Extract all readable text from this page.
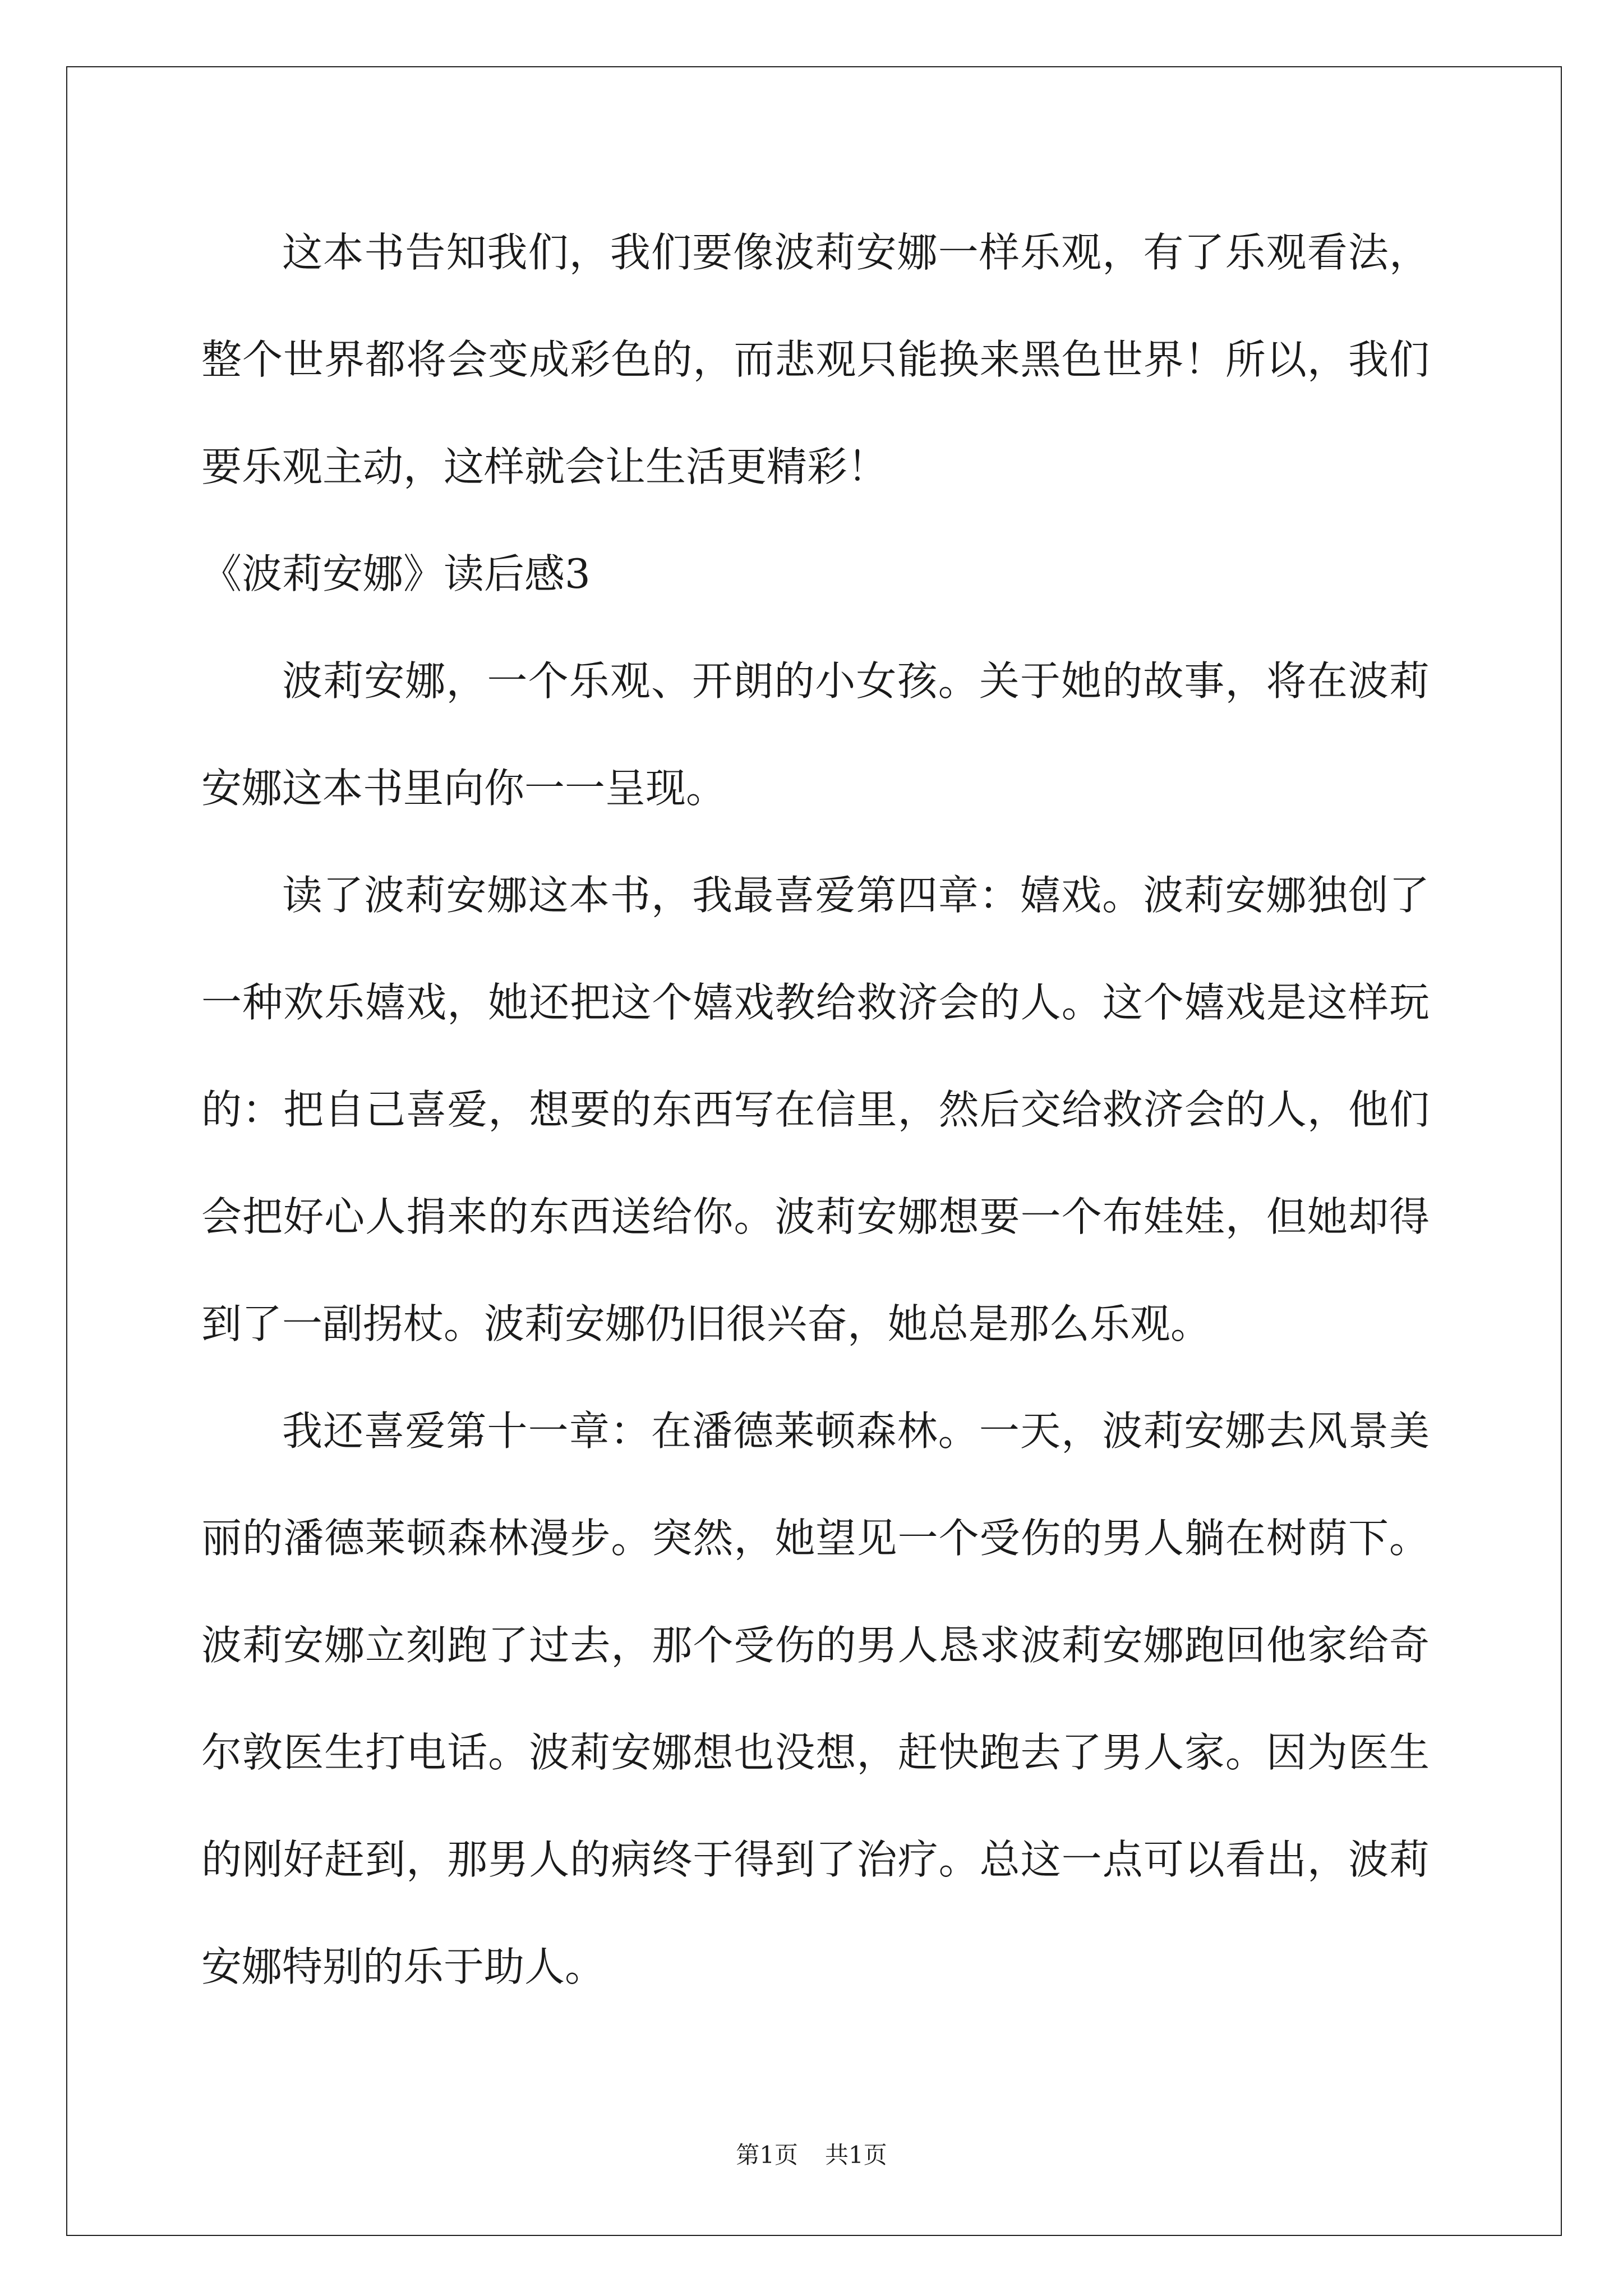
这本书告知我们，我们要像波莉安娜一样乐观，有了乐观看法，
整个世界都将会变成彩色的，而悲观只能换来黑色世界！所以，我们
要乐观主动，这样就会让生活更精彩！
《波莉安娜》读后感3
波莉安娜，一个乐观、开朗的小女孩。关于她的故事，将在波莉
安娜这本书里向你一一呈现。
读了波莉安娜这本书，我最喜爱第四章：嬉戏。波莉安娜独创了
一种欢乐嬉戏，她还把这个嬉戏教给救济会的人。这个嬉戏是这样玩
的：把自己喜爱，想要的东西写在信里，然后交给救济会的人，他们
会把好心人捐来的东西送给你。波莉安娜想要一个布娃娃，但她却得
到了一副拐杖。波莉安娜仍旧很兴奋，她总是那么乐观。
我还喜爱第十一章：在潘德莱顿森林。一天，波莉安娜去风景美
丽的潘德莱顿森林漫步。突然，她望见一个受伤的男人躺在树荫下。
波莉安娜立刻跑了过去，那个受伤的男人恳求波莉安娜跑回他家给奇
尔敦医生打电话。波莉安娜想也没想，赶快跑去了男人家。因为医生
的刚好赶到，那男人的病终于得到了治疗。总这一点可以看出，波莉
安娜特别的乐于助人。
第1页 共1页
